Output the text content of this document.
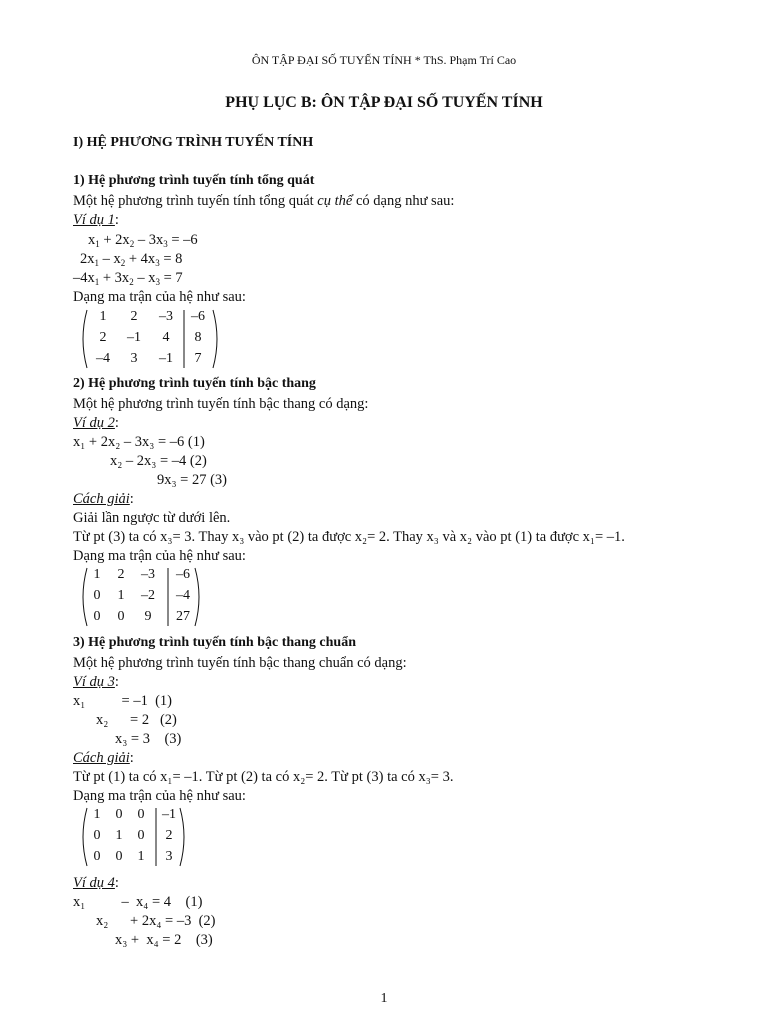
ÔN TẬP ĐẠI SỐ TUYẾN TÍNH * ThS. Phạm Trí Cao
PHỤ LỤC B: ÔN TẬP ĐẠI SỐ TUYẾN TÍNH
I) HỆ PHƯƠNG TRÌNH TUYẾN TÍNH
1) Hệ phương trình tuyến tính tổng quát
Một hệ phương trình tuyến tính tổng quát cụ thể có dạng như sau:
Ví dụ 1:
$x_1 + 2x_2 - 3x_3 = -6$
$2x_1 - x_2 + 4x_3 = 8$
$-4x_1 + 3x_2 - x_3 = 7$
Dạng ma trận của hệ như sau:
1	2	–3 –6
2	–1	4	8
–4	3	–1	7
2) Hệ phương trình tuyến tính bậc thang
Một hệ phương trình tuyến tính bậc thang có dạng:
Ví dụ 2:
x₁ + 2x₂ – 3x₃ = –6 (1)
x₂ – 2x₃ = –4 (2)
9x₃ = 27 (3)
Cách giải:
Giải lần ngược từ dưới lên.
Từ pt (3) ta có x₃= 3. Thay x₃ vào pt (2) ta được x₂= 2. Thay x₃ và x₂ vào pt (1) ta được x₁= –1.
Dạng ma trận của hệ như sau:
1	2	–3 –6
0	1	–2 –4
0	0	9	27
3) Hệ phương trình tuyến tính bậc thang chuẩn
Một hệ phương trình tuyến tính bậc thang chuẩn có dạng:
Ví dụ 3:
x₁          = –1  (1)
x₂      = 2   (2)
x₃ = 3    (3)
Cách giải:
Từ pt (1) ta có x₁= –1. Từ pt (2) ta có x₂= 2. Từ pt (3) ta có x₃= 3.
Dạng ma trận của hệ như sau:
1	0	0	–1
0	1	0	2
0	0	1	3
Ví dụ 4:
x₁          –  x₄ = 4    (1)
x₂      + 2x₄ = –3  (2)
x₃ +  x₄ = 2    (3)
1
